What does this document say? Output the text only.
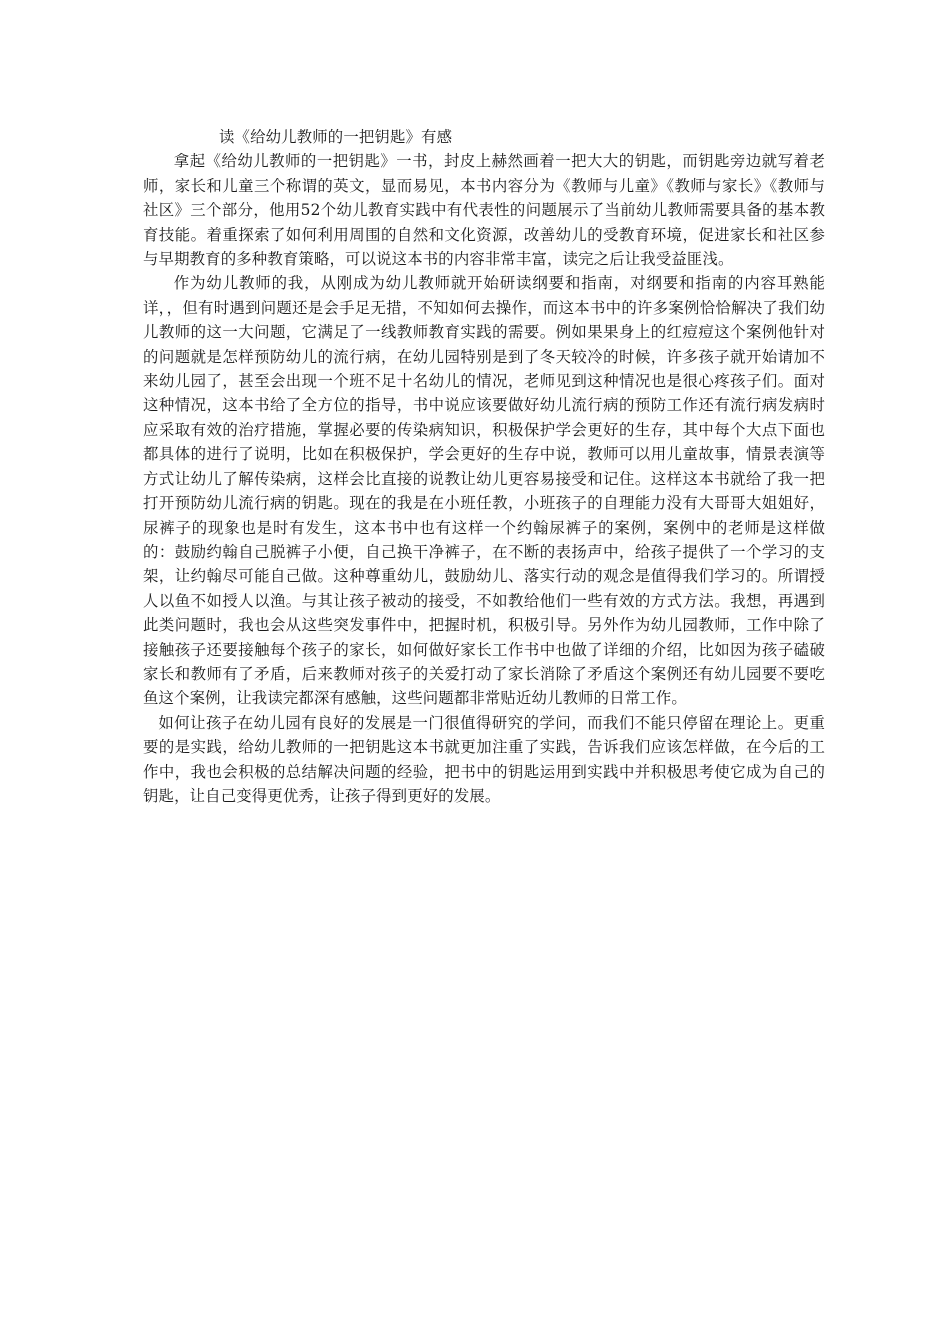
读《给幼儿教师的一把钥匙》有感

拿起《给幼儿教师的一把钥匙》一书，封皮上赫然画着一把大大的钥匙，而钥匙旁边就写着老师，家长和儿童三个称谓的英文，显而易见，本书内容分为《教师与儿童》《教师与家长》《教师与社区》三个部分，他用52个幼儿教育实践中有代表性的问题展示了当前幼儿教师需要具备的基本教育技能。着重探索了如何利用周围的自然和文化资源，改善幼儿的受教育环境，促进家长和社区参与早期教育的多种教育策略，可以说这本书的内容非常丰富，读完之后让我受益匪浅。

作为幼儿教师的我，从刚成为幼儿教师就开始研读纲要和指南，对纲要和指南的内容耳熟能详，，但有时遇到问题还是会手足无措，不知如何去操作，而这本书中的许多案例恰恰解决了我们幼儿教师的这一大问题，它满足了一线教师教育实践的需要。例如果果身上的红痘痘这个案例他针对的问题就是怎样预防幼儿的流行病，在幼儿园特别是到了冬天较冷的时候，许多孩子就开始请加不来幼儿园了，甚至会出现一个班不足十名幼儿的情况，老师见到这种情况也是很心疼孩子们。面对这种情况，这本书给了全方位的指导，书中说应该要做好幼儿流行病的预防工作还有流行病发病时应采取有效的治疗措施，掌握必要的传染病知识，积极保护学会更好的生存，其中每个大点下面也都具体的进行了说明，比如在积极保护，学会更好的生存中说，教师可以用儿童故事，情景表演等方式让幼儿了解传染病，这样会比直接的说教让幼儿更容易接受和记住。这样这本书就给了我一把打开预防幼儿流行病的钥匙。现在的我是在小班任教，小班孩子的自理能力没有大哥哥大姐姐好，尿裤子的现象也是时有发生，这本书中也有这样一个约翰尿裤子的案例，案例中的老师是这样做的：鼓励约翰自己脱裤子小便，自己换干净裤子，在不断的表扬声中，给孩子提供了一个学习的支架，让约翰尽可能自己做。这种尊重幼儿，鼓励幼儿、落实行动的观念是值得我们学习的。所谓授人以鱼不如授人以渔。与其让孩子被动的接受，不如教给他们一些有效的方式方法。我想，再遇到此类问题时，我也会从这些突发事件中，把握时机，积极引导。另外作为幼儿园教师，工作中除了接触孩子还要接触每个孩子的家长，如何做好家长工作书中也做了详细的介绍，比如因为孩子磕破家长和教师有了矛盾，后来教师对孩子的关爱打动了家长消除了矛盾这个案例还有幼儿园要不要吃鱼这个案例，让我读完都深有感触，这些问题都非常贴近幼儿教师的日常工作。

如何让孩子在幼儿园有良好的发展是一门很值得研究的学问，而我们不能只停留在理论上。更重要的是实践，给幼儿教师的一把钥匙这本书就更加注重了实践，告诉我们应该怎样做，在今后的工作中，我也会积极的总结解决问题的经验，把书中的钥匙运用到实践中并积极思考使它成为自己的钥匙，让自己变得更优秀，让孩子得到更好的发展。
